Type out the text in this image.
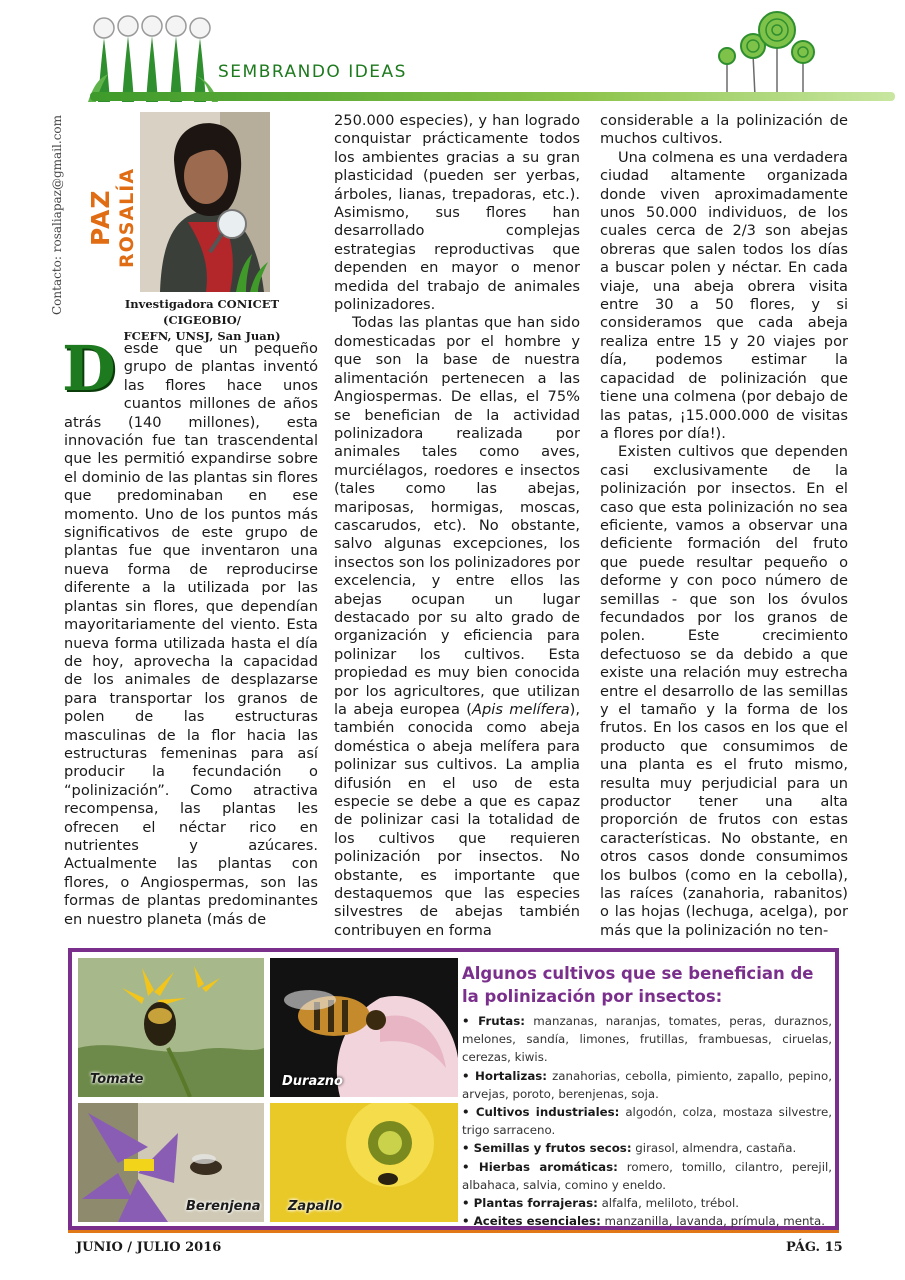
SEMBRANDO IDEAS
Contacto: rosaliapaz@gmail.com PAZ ROSALÍA
Investigadora CONICET (CIGEOBIO/
FCEFN, UNSJ, San Juan)

Desde que un pequeño grupo de plantas inventó las flores hace unos cuantos millones de años atrás (140 millones), esta innovación fue tan trascendental que les permitió expandirse sobre el dominio de las plantas sin flores que predominaban en ese momento. Uno de los puntos más significativos de este grupo de plantas fue que inventaron una nueva forma de reproducirse diferente a la utilizada por las plantas sin flores, que dependían mayoritariamente del viento. Esta nueva forma utilizada hasta el día de hoy, aprovecha la capacidad de los animales de desplazarse para transportar los granos de polen de las estructuras masculinas de la flor hacia las estructuras femeninas para así producir la fecundación o “polinización”. Como atractiva recompensa, las plantas les ofrecen el néctar rico en nutrientes y azúcares. Actualmente las plantas con flores, o Angiospermas, son las formas de plantas predominantes en nuestro planeta (más de

250.000 especies), y han logrado conquistar prácticamente todos los ambientes gracias a su gran plasticidad (pueden ser yerbas, árboles, lianas, trepadoras, etc.). Asimismo, sus flores han desarrollado complejas estrategias reproductivas que dependen en mayor o menor medida del trabajo de animales polinizadores.

Todas las plantas que han sido domesticadas por el hombre y que son la base de nuestra alimentación pertenecen a las Angiospermas. De ellas, el 75% se benefician de la actividad polinizadora realizada por animales tales como aves, murciélagos, roedores e insectos (tales como las abejas, mariposas, hormigas, moscas, cascarudos, etc). No obstante, salvo algunas excepciones, los insectos son los polinizadores por excelencia, y entre ellos las abejas ocupan un lugar destacado por su alto grado de organización y eficiencia para polinizar los cultivos. Esta propiedad es muy bien conocida por los agricultores, que utilizan la abeja europea (Apis melífera), también conocida como abeja doméstica o abeja melífera para polinizar sus cultivos. La amplia difusión en el uso de esta especie se debe a que es capaz de polinizar casi la totalidad de los cultivos que requieren polinización por insectos. No obstante, es importante que destaquemos que las especies silvestres de abejas también contribuyen en forma

considerable a la polinización de muchos cultivos.

Una colmena es una verdadera ciudad altamente organizada donde viven aproximadamente unos 50.000 individuos, de los cuales cerca de 2/3 son abejas obreras que salen todos los días a buscar polen y néctar. En cada viaje, una abeja obrera visita entre 30 a 50 flores, y si consideramos que cada abeja realiza entre 15 y 20 viajes por día, podemos estimar la capacidad de polinización que tiene una colmena (por debajo de las patas, ¡15.000.000 de visitas a flores por día!).

Existen cultivos que dependen casi exclusivamente de la polinización por insectos. En el caso que esta polinización no sea eficiente, vamos a observar una deficiente formación del fruto que puede resultar pequeño o deforme y con poco número de semillas - que son los óvulos fecundados por los granos de polen. Este crecimiento defectuoso se da debido a que existe una relación muy estrecha entre el desarrollo de las semillas y el tamaño y la forma de los frutos. En los casos en los que el producto que consumimos de una planta es el fruto mismo, resulta muy perjudicial para un productor tener una alta proporción de frutos con estas características. No obstante, en otros casos donde consumimos los bulbos (como en la cebolla), las raíces (zanahoria, rabanitos) o las hojas (lechuga, acelga), por más que la polinización no ten-

Tomate	Durazno
Berenjena Zapallo

Algunos cultivos que se benefician de la polinización por insectos:

• Frutas: manzanas, naranjas, tomates, peras, duraznos, melones, sandía, limones, frutillas, frambuesas, ciruelas, cerezas, kiwis.

• Hortalizas: zanahorias, cebolla, pimiento, zapallo, pepino, arvejas, poroto, berenjenas, soja.

• Cultivos industriales: algodón, colza, mostaza silvestre, trigo sarraceno.

• Semillas y frutos secos: girasol, almendra, castaña.

• Hierbas aromáticas: romero, tomillo, cilantro, perejil, albahaca, salvia, comino y eneldo.

• Plantas forrajeras: alfalfa, meliloto, trébol.

• Aceites esenciales: manzanilla, lavanda, prímula, menta.

JUNIO / JULIO 2016	PÁG. 15
